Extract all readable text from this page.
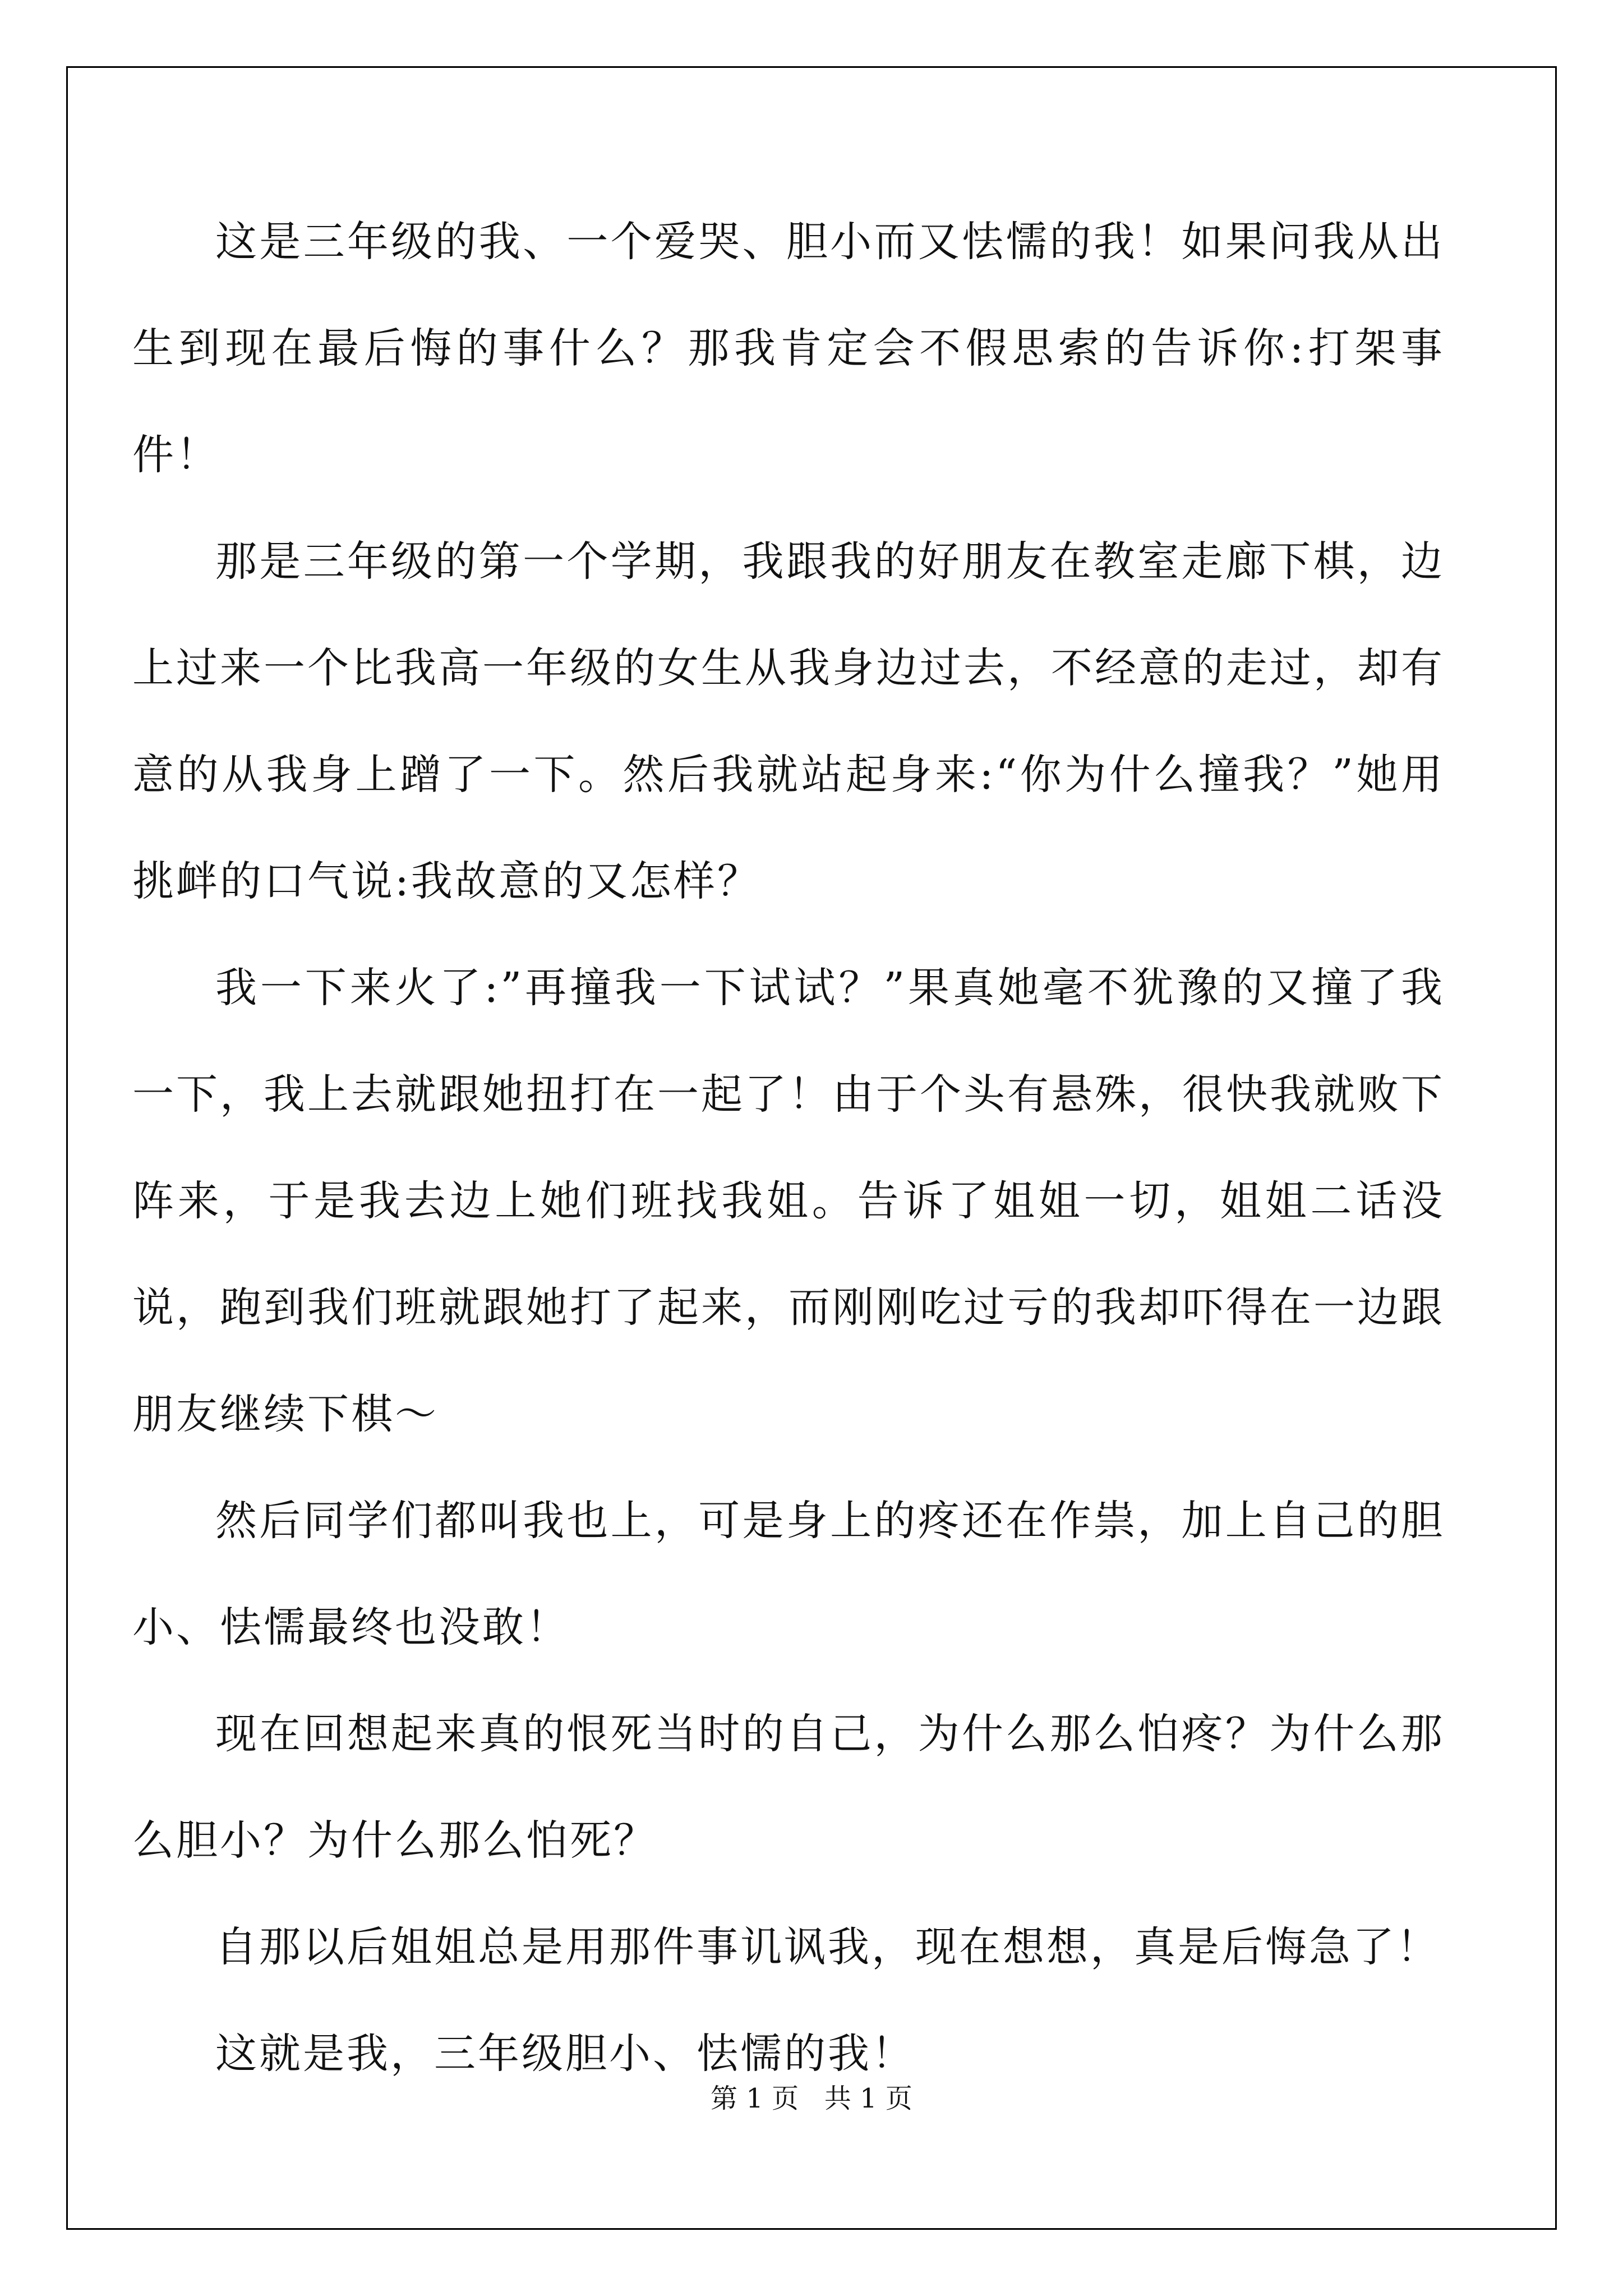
这是三年级的我、一个爱哭、胆小而又怯懦的我！如果问我从出生到现在最后悔的事什么？那我肯定会不假思索的告诉你:打架事件！

那是三年级的第一个学期，我跟我的好朋友在教室走廊下棋，边上过来一个比我高一年级的女生从我身边过去，不经意的走过，却有意的从我身上蹭了一下。然后我就站起身来:“你为什么撞我？”她用挑衅的口气说:我故意的又怎样？

我一下来火了:”再撞我一下试试？”果真她毫不犹豫的又撞了我一下，我上去就跟她扭打在一起了！由于个头有悬殊，很快我就败下阵来，于是我去边上她们班找我姐。告诉了姐姐一切，姐姐二话没说，跑到我们班就跟她打了起来，而刚刚吃过亏的我却吓得在一边跟朋友继续下棋～

然后同学们都叫我也上，可是身上的疼还在作祟，加上自己的胆小、怯懦最终也没敢！

现在回想起来真的恨死当时的自己，为什么那么怕疼？为什么那么胆小？为什么那么怕死？

自那以后姐姐总是用那件事讥讽我，现在想想，真是后悔急了！

这就是我，三年级胆小、怯懦的我！

第 1 页   共 1 页
